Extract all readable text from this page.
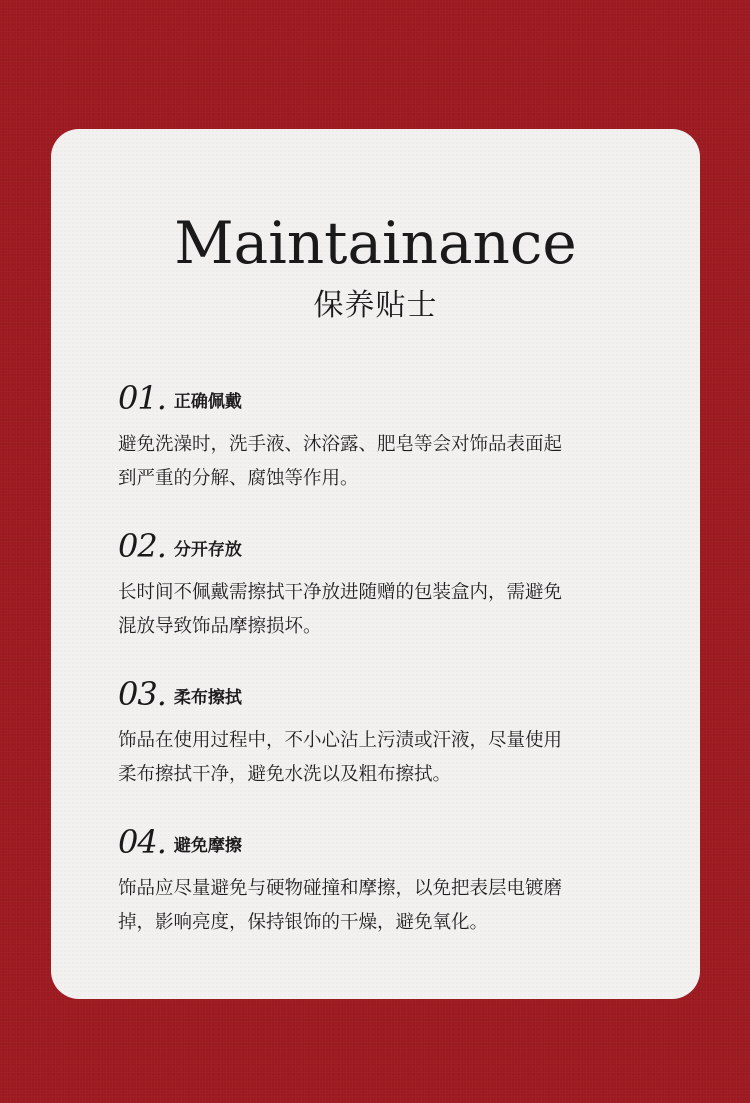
Maintainance
保养贴士
01. 正确佩戴
避免洗澡时，洗手液、沐浴露、肥皂等会对饰品表面起
到严重的分解、腐蚀等作用。
02. 分开存放
长时间不佩戴需擦拭干净放进随赠的包装盒内，需避免
混放导致饰品摩擦损坏。
03. 柔布擦拭
饰品在使用过程中，不小心沾上污渍或汗液，尽量使用
柔布擦拭干净，避免水洗以及粗布擦拭。
04. 避免摩擦
饰品应尽量避免与硬物碰撞和摩擦，以免把表层电镀磨
掉，影响亮度，保持银饰的干燥，避免氧化。
